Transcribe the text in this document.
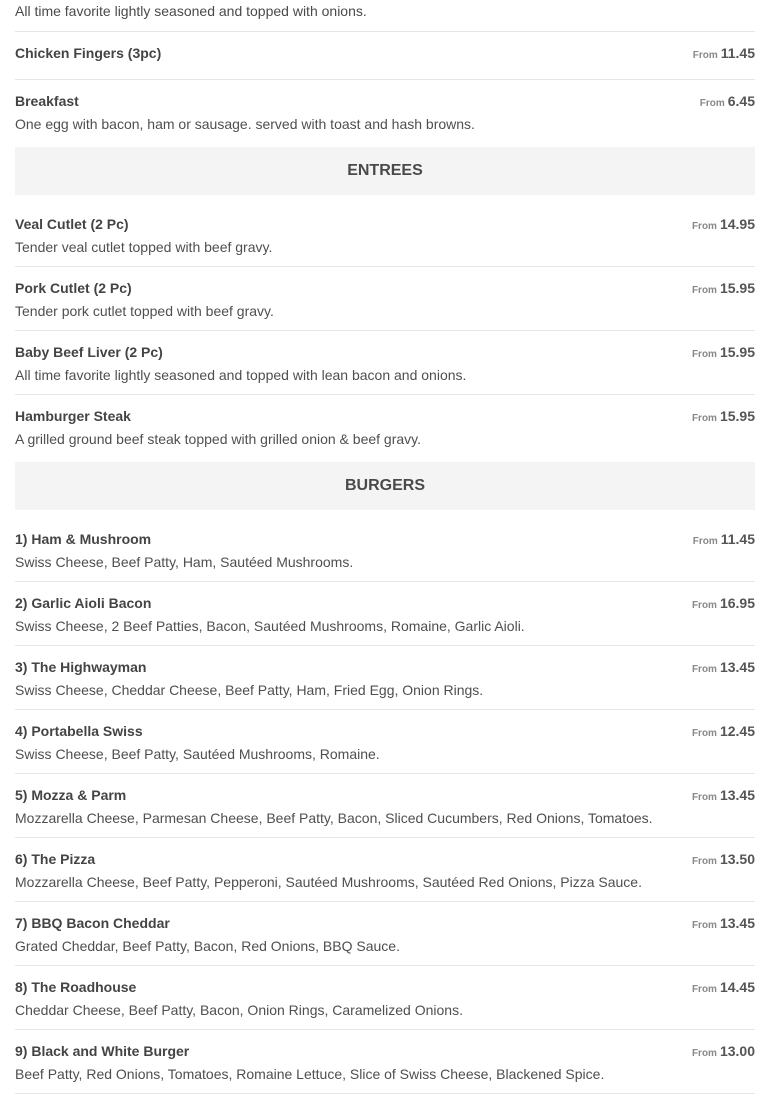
All time favorite lightly seasoned and topped with onions.
Chicken Fingers (3pc)	From 11.45
Breakfast
One egg with bacon, ham or sausage. served with toast and hash browns.
From 6.45
ENTREES
Veal Cutlet (2 Pc)
Tender veal cutlet topped with beef gravy.
From 14.95
Pork Cutlet (2 Pc)
Tender pork cutlet topped with beef gravy.
From 15.95
Baby Beef Liver (2 Pc)
All time favorite lightly seasoned and topped with lean bacon and onions.
From 15.95
Hamburger Steak
A grilled ground beef steak topped with grilled onion & beef gravy.
From 15.95
BURGERS
1) Ham & Mushroom
Swiss Cheese, Beef Patty, Ham, Sautéed Mushrooms.
From 11.45
2) Garlic Aioli Bacon
Swiss Cheese, 2 Beef Patties, Bacon, Sautéed Mushrooms, Romaine, Garlic Aioli.
From 16.95
3) The Highwayman
Swiss Cheese, Cheddar Cheese, Beef Patty, Ham, Fried Egg, Onion Rings.
From 13.45
4) Portabella Swiss
Swiss Cheese, Beef Patty, Sautéed Mushrooms, Romaine.
From 12.45
5) Mozza & Parm
Mozzarella Cheese, Parmesan Cheese, Beef Patty, Bacon, Sliced Cucumbers, Red Onions, Tomatoes.
From 13.45
6) The Pizza
Mozzarella Cheese, Beef Patty, Pepperoni, Sautéed Mushrooms, Sautéed Red Onions, Pizza Sauce.
From 13.50
7) BBQ Bacon Cheddar
Grated Cheddar, Beef Patty, Bacon, Red Onions, BBQ Sauce.
From 13.45
8) The Roadhouse
Cheddar Cheese, Beef Patty, Bacon, Onion Rings, Caramelized Onions.
From 14.45
9) Black and White Burger
Beef Patty, Red Onions, Tomatoes, Romaine Lettuce, Slice of Swiss Cheese, Blackened Spice.
From 13.00
